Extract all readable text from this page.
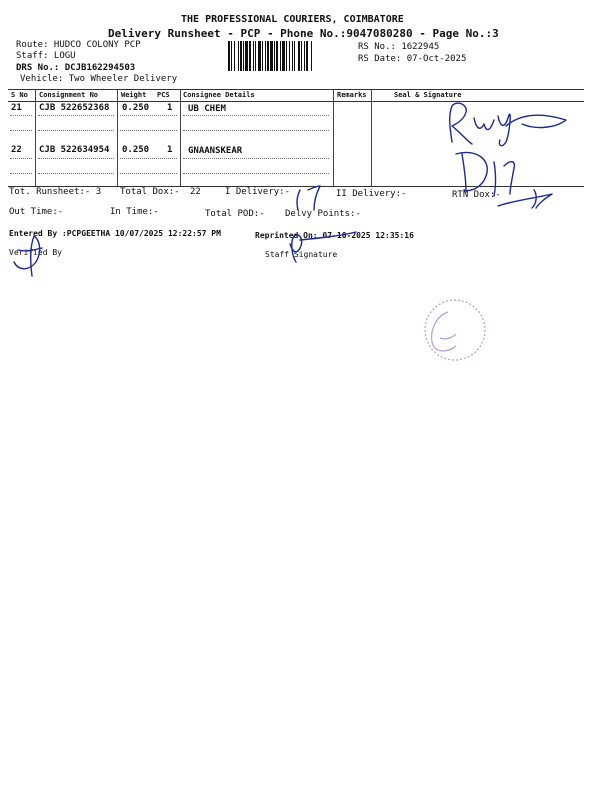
THE PROFESSIONAL COURIERS, COIMBATORE
Delivery Runsheet - PCP - Phone No.:9047080280 - Page No.:3
Route: HUDCO COLONY PCP
Staff: LOGU
DRS No.: DCJB162294503
Vehicle: Two Wheeler Delivery
RS No.: 1622945
RS Date: 07-Oct-2025
S No Consignment No	Weight PCS Consignee Details	Remarks	Seal & Signature
21 CJB 522652368 0.250 1 UB CHEM
22 CJB 522634954 0.250 1 GNAANSKEAR
Tot. Runsheet:- 3 Total Dox:- 22	I Delivery:-	II Delivery:-	RTN Dox:-
Out Time:-	In Time:-	Total POD:- Delvy Points:-
Entered By :PCPGEETHA 10/07/2025 12:22:57 PM	Reprinted On: 07-10-2025 12:35:16
Verified By	Staff Signature
